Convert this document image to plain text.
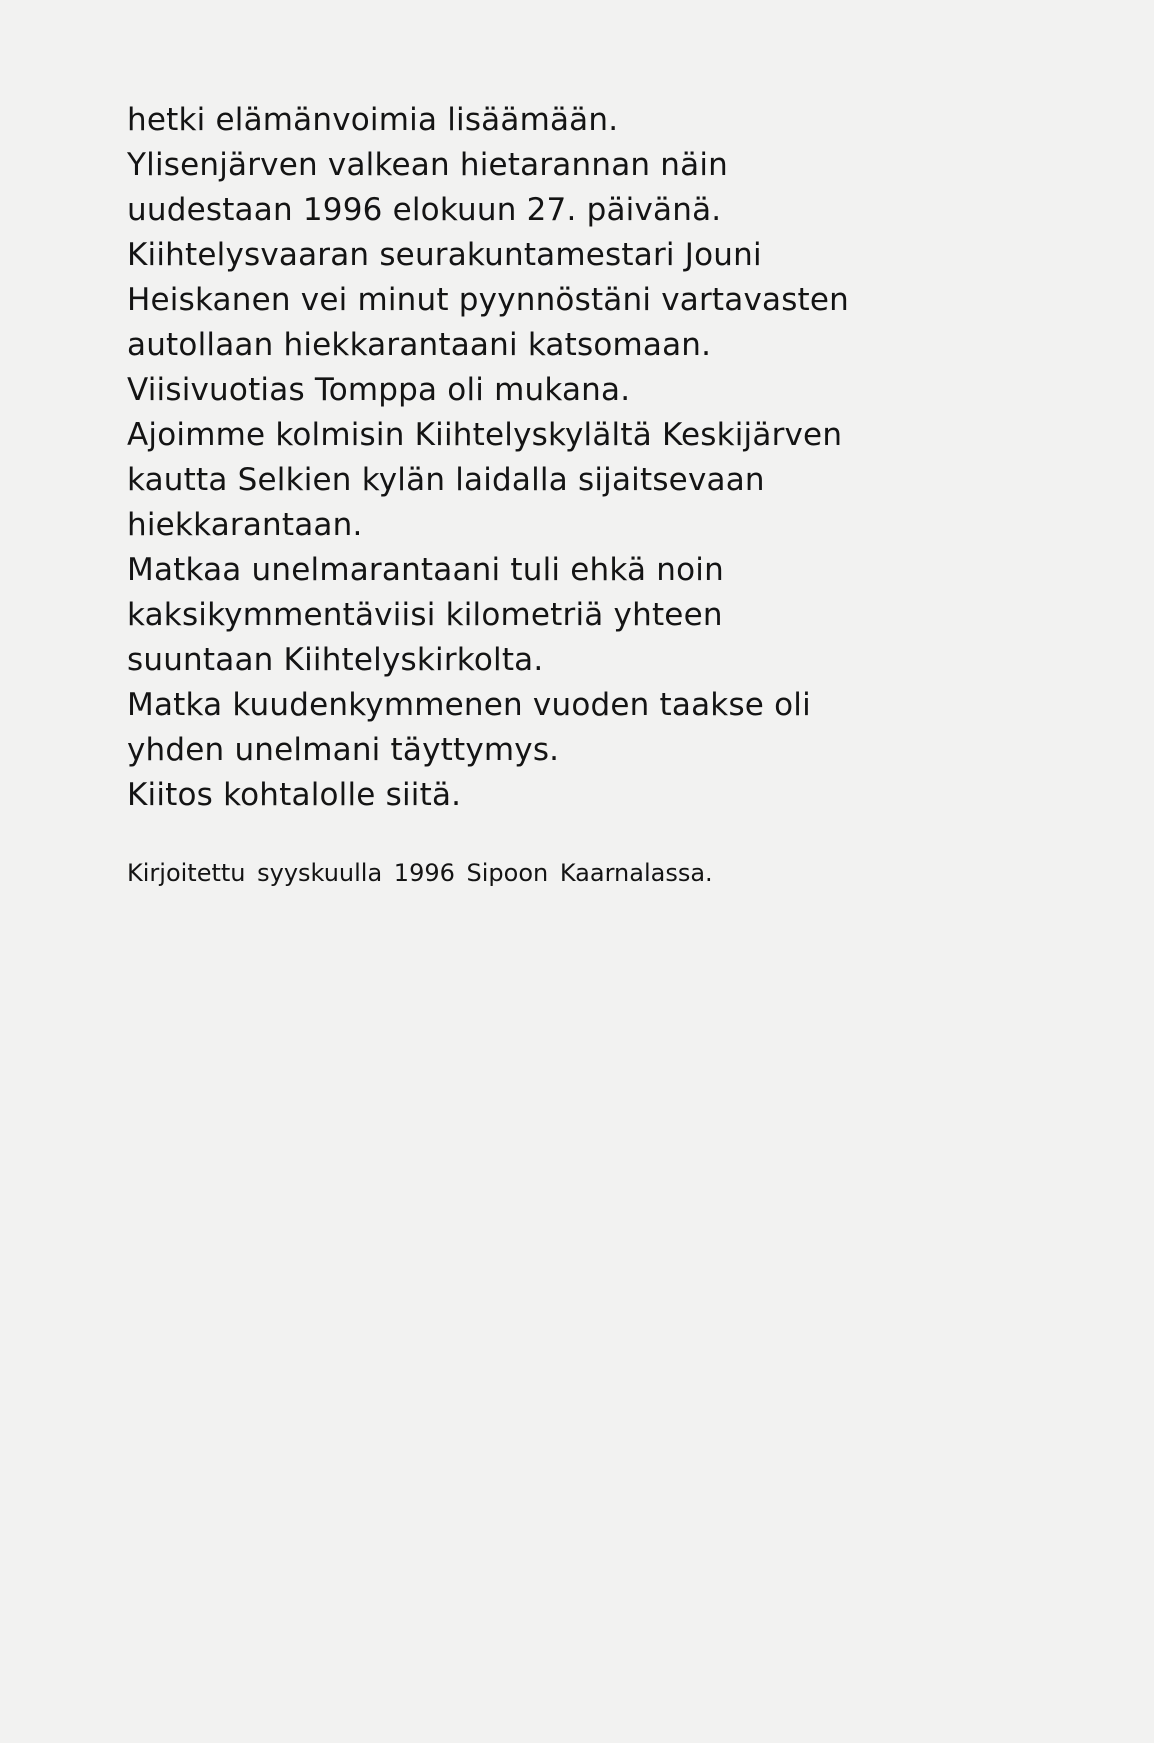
hetki elämänvoimia lisäämään.
Ylisenjärven valkean hietarannan näin
uudestaan 1996 elokuun 27. päivänä.
Kiihtelysvaaran seurakuntamestari Jouni
Heiskanen vei minut pyynnöstäni vartavasten
autollaan hiekkarantaani katsomaan.
Viisivuotias Tomppa oli mukana.
Ajoimme kolmisin Kiihtelyskylältä Keskijärven
kautta Selkien kylän laidalla sijaitsevaan
hiekkarantaan.
Matkaa unelmarantaani tuli ehkä noin
kaksikymmentäviisi kilometriä yhteen
suuntaan Kiihtelyskirkolta.
Matka kuudenkymmenen vuoden taakse oli
yhden unelmani täyttymys.
Kiitos kohtalolle siitä.
Kirjoitettu syyskuulla 1996 Sipoon Kaarnalassa.
